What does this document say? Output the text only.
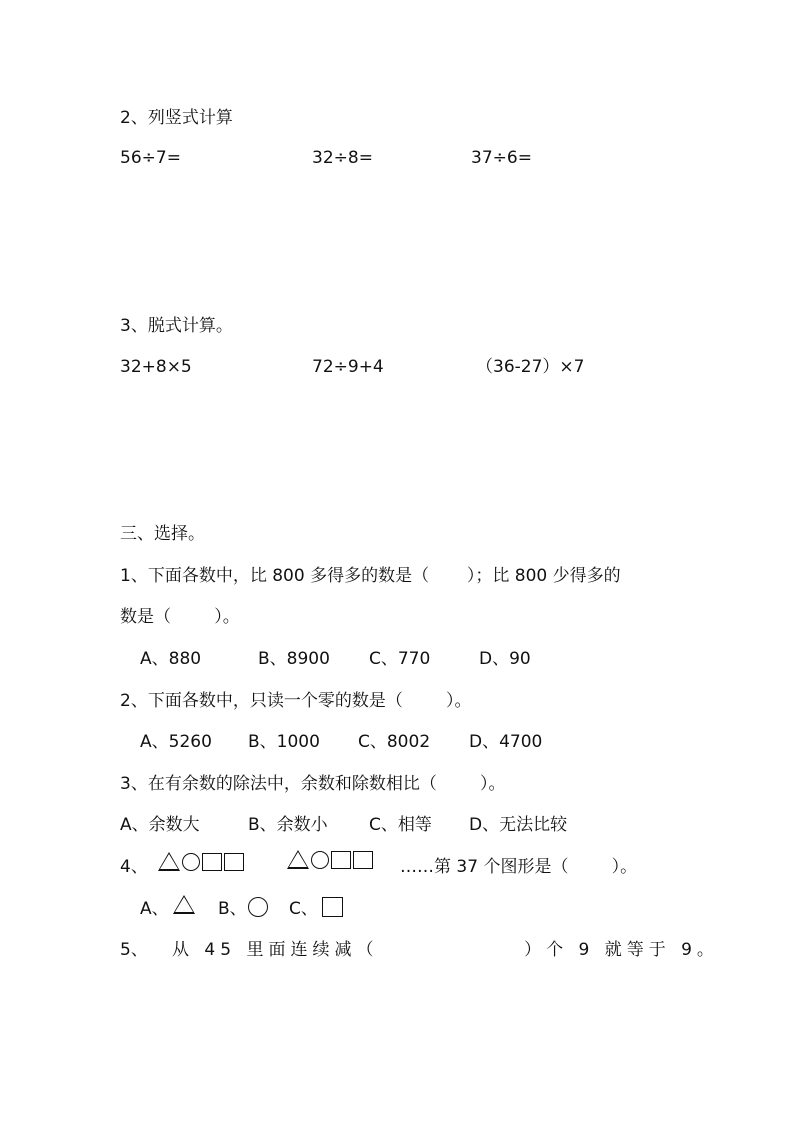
2、列竖式计算
56÷7=	32÷8=	37÷6=
3、脱式计算。
32+8×5	72÷9+4	（36-27）×7
三、选择。
1、下面各数中，比 800 多得多的数是（       ）；比 800 少得多的
数是（        ）。
A、880	B、8900 C、770	D、90
2、下面各数中，只读一个零的数是（        ）。
A、5260 B、1000 C、8002 D、4700
3、在有余数的除法中，余数和除数相比（        ）。
A、余数大	B、余数小 C、相等 D、无法比较
4、	……第 37 个图形是（        ）。
A、	B、 C、
5、 从 45 里面连续减（              ）个 9 就等于 9。
